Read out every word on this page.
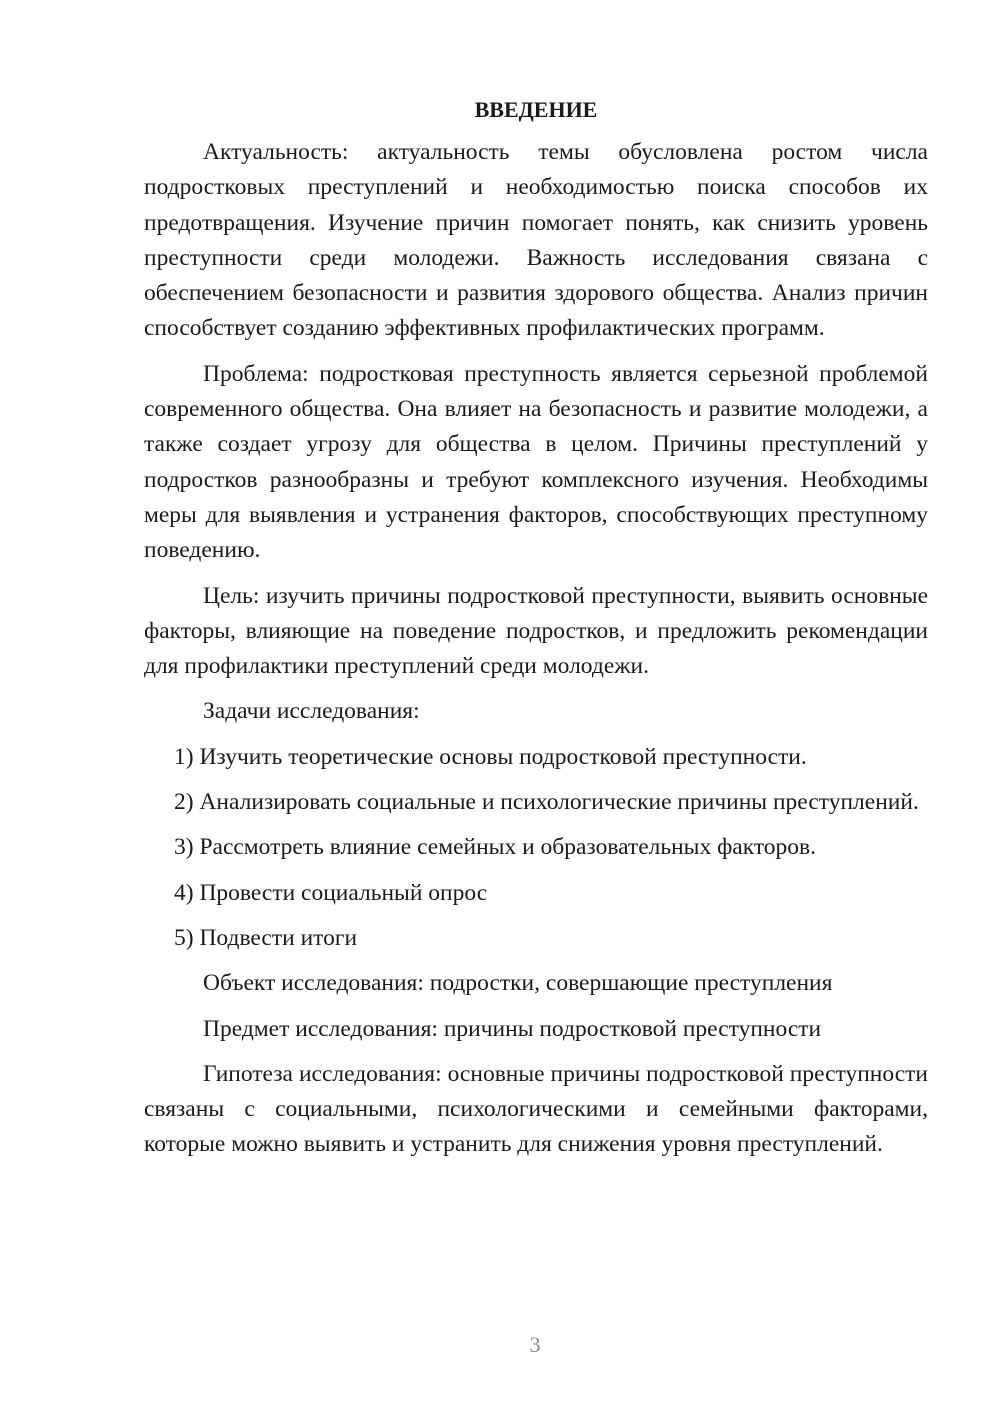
ВВЕДЕНИЕ

Актуальность: актуальность темы обусловлена ростом числа подростковых преступлений и необходимостью поиска способов их предотвращения. Изучение причин помогает понять, как снизить уровень преступности среди молодежи. Важность исследования связана с обеспечением безопасности и развития здорового общества. Анализ причин способствует созданию эффективных профилактических программ.

Проблема: подростковая преступность является серьезной проблемой современного общества. Она влияет на безопасность и развитие молодежи, а также создает угрозу для общества в целом. Причины преступлений у подростков разнообразны и требуют комплексного изучения. Необходимы меры для выявления и устранения факторов, способствующих преступному поведению.

Цель: изучить причины подростковой преступности, выявить основные факторы, влияющие на поведение подростков, и предложить рекомендации для профилактики преступлений среди молодежи.

Задачи исследования:

1) Изучить теоретические основы подростковой преступности.

2) Анализировать социальные и психологические причины преступлений.

3) Рассмотреть влияние семейных и образовательных факторов.

4) Провести социальный опрос

5) Подвести итоги

Объект исследования: подростки, совершающие преступления

Предмет исследования: причины подростковой преступности

Гипотеза исследования: основные причины подростковой преступности связаны с социальными, психологическими и семейными факторами, которые можно выявить и устранить для снижения уровня преступлений.

3
